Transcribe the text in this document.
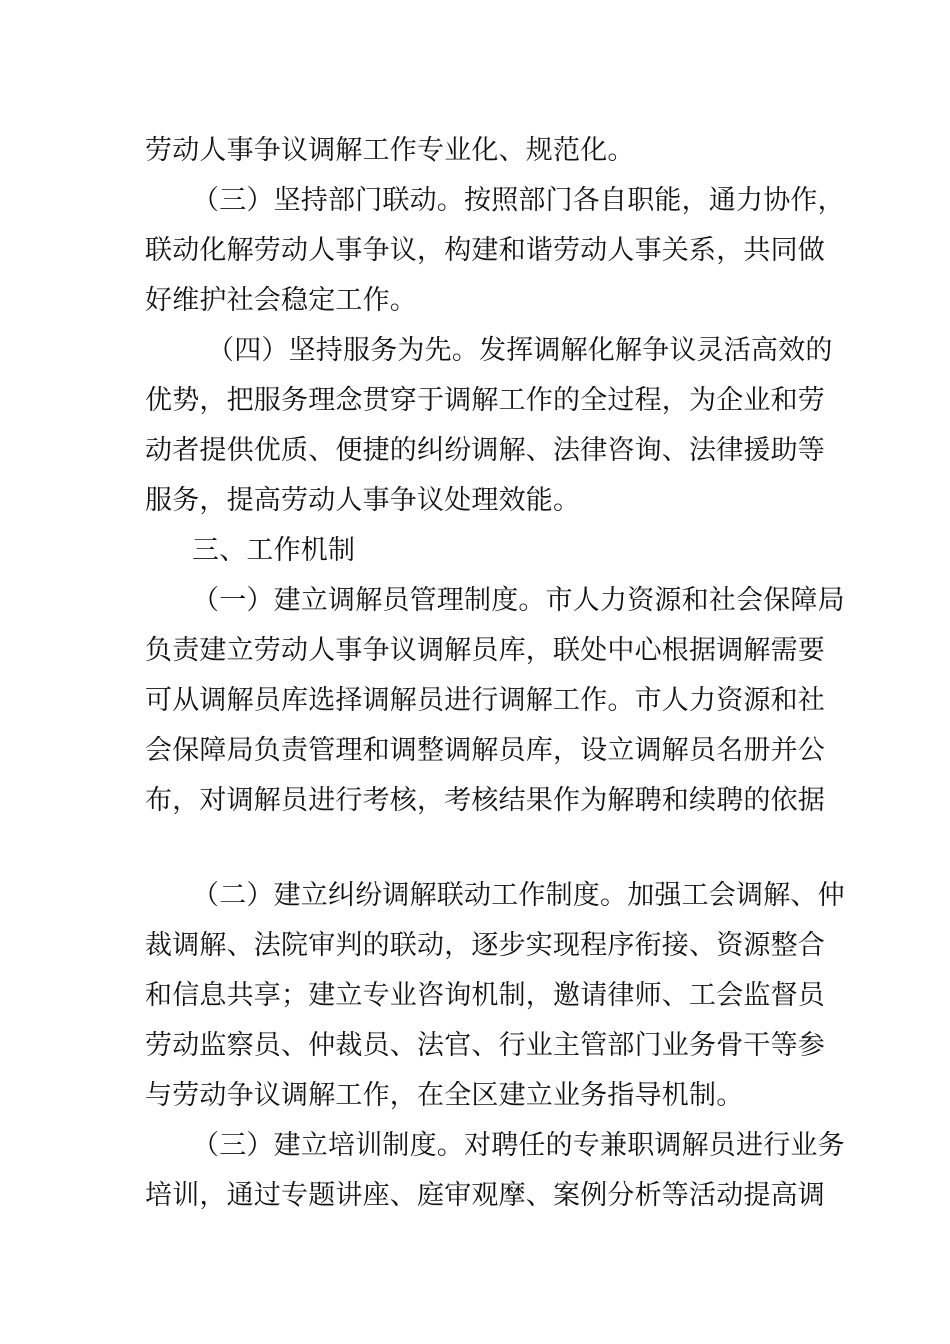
劳动人事争议调解工作专业化、规范化。
（三）坚持部门联动。按照部门各自职能，通力协作，
联动化解劳动人事争议，构建和谐劳动人事关系，共同做
好维护社会稳定工作。
（四）坚持服务为先。发挥调解化解争议灵活高效的
优势，把服务理念贯穿于调解工作的全过程，为企业和劳
动者提供优质、便捷的纠纷调解、法律咨询、法律援助等
服务，提高劳动人事争议处理效能。
三、工作机制
（一）建立调解员管理制度。市人力资源和社会保障局
负责建立劳动人事争议调解员库，联处中心根据调解需要
可从调解员库选择调解员进行调解工作。市人力资源和社
会保障局负责管理和调整调解员库，设立调解员名册并公
布，对调解员进行考核，考核结果作为解聘和续聘的依据
（二）建立纠纷调解联动工作制度。加强工会调解、仲
裁调解、法院审判的联动，逐步实现程序衔接、资源整合
和信息共享；建立专业咨询机制，邀请律师、工会监督员
劳动监察员、仲裁员、法官、行业主管部门业务骨干等参
与劳动争议调解工作，在全区建立业务指导机制。
（三）建立培训制度。对聘任的专兼职调解员进行业务
培训，通过专题讲座、庭审观摩、案例分析等活动提高调
